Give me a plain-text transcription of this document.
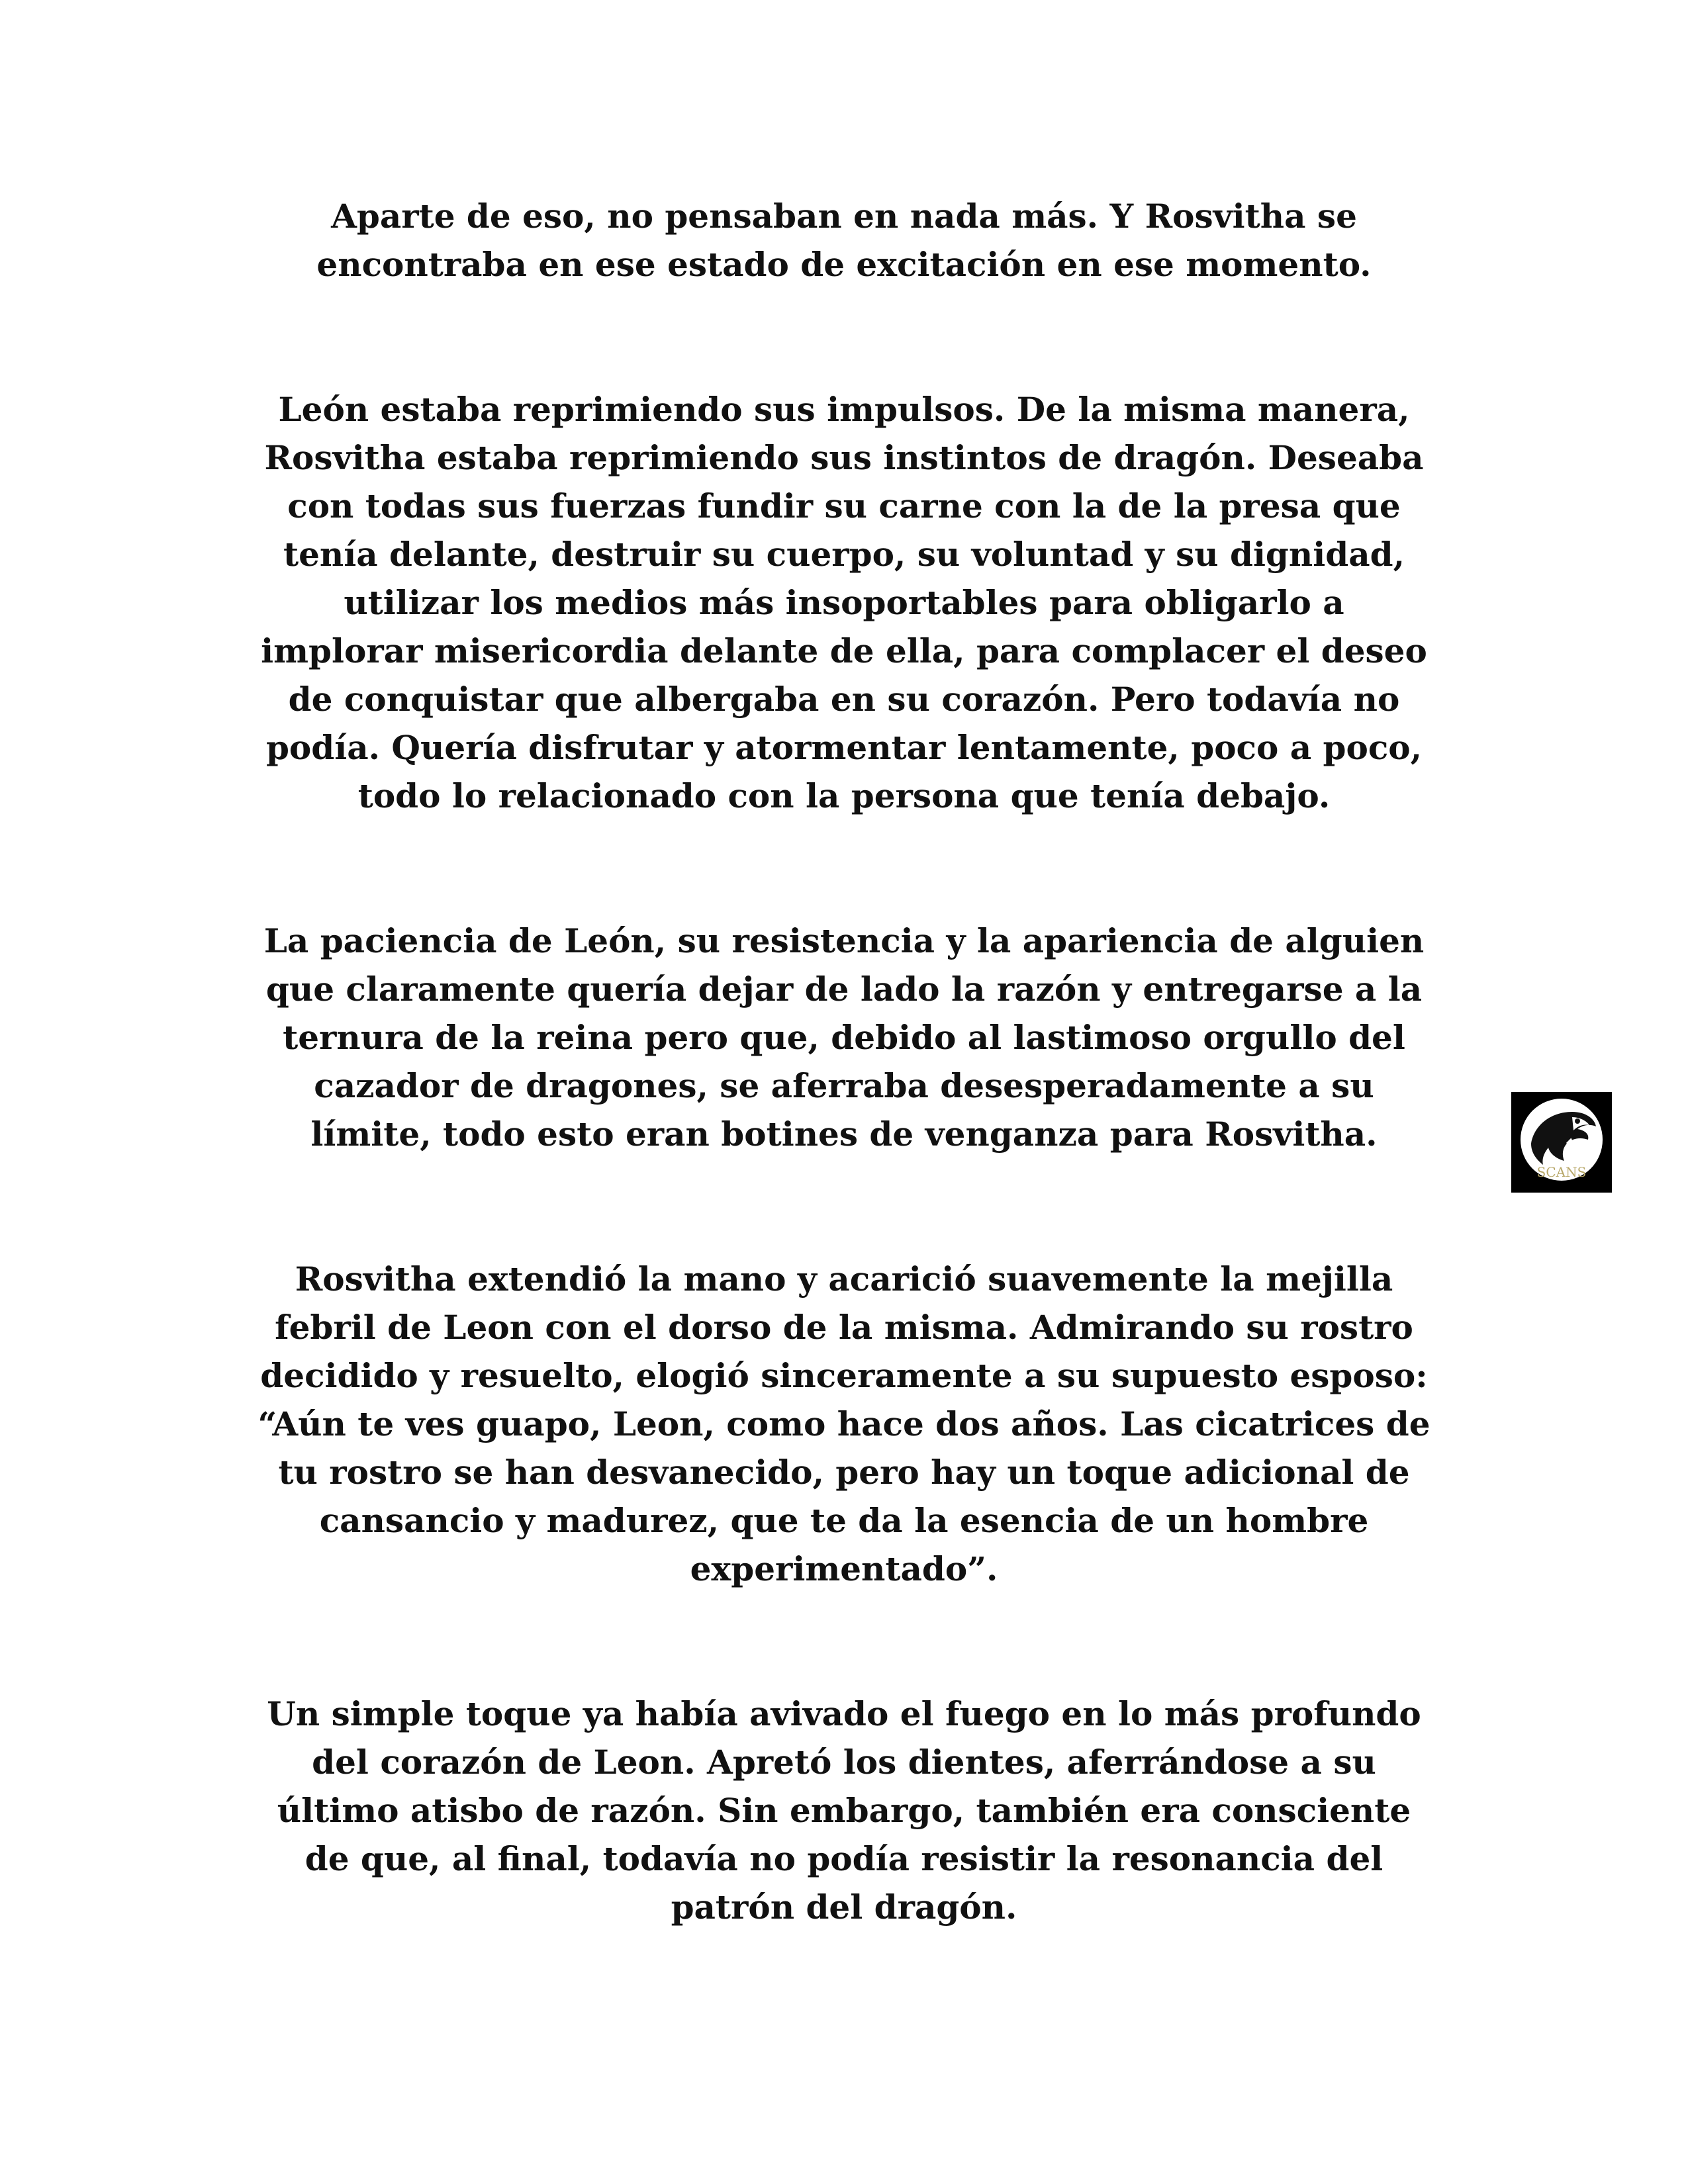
Aparte de eso, no pensaban en nada más. Y Rosvitha se
encontraba en ese estado de excitación en ese momento.

León estaba reprimiendo sus impulsos. De la misma manera,
Rosvitha estaba reprimiendo sus instintos de dragón. Deseaba
con todas sus fuerzas fundir su carne con la de la presa que
tenía delante, destruir su cuerpo, su voluntad y su dignidad,
utilizar los medios más insoportables para obligarlo a
implorar misericordia delante de ella, para complacer el deseo
de conquistar que albergaba en su corazón. Pero todavía no
podía. Quería disfrutar y atormentar lentamente, poco a poco,
todo lo relacionado con la persona que tenía debajo.

La paciencia de León, su resistencia y la apariencia de alguien
que claramente quería dejar de lado la razón y entregarse a la
ternura de la reina pero que, debido al lastimoso orgullo del
cazador de dragones, se aferraba desesperadamente a su
límite, todo esto eran botines de venganza para Rosvitha.

Rosvitha extendió la mano y acarició suavemente la mejilla
febril de Leon con el dorso de la misma. Admirando su rostro
decidido y resuelto, elogió sinceramente a su supuesto esposo:
“Aún te ves guapo, Leon, como hace dos años. Las cicatrices de
tu rostro se han desvanecido, pero hay un toque adicional de
cansancio y madurez, que te da la esencia de un hombre
experimentado”.

Un simple toque ya había avivado el fuego en lo más profundo
del corazón de Leon. Apretó los dientes, aferrándose a su
último atisbo de razón. Sin embargo, también era consciente
de que, al final, todavía no podía resistir la resonancia del
patrón del dragón.

SCANS
